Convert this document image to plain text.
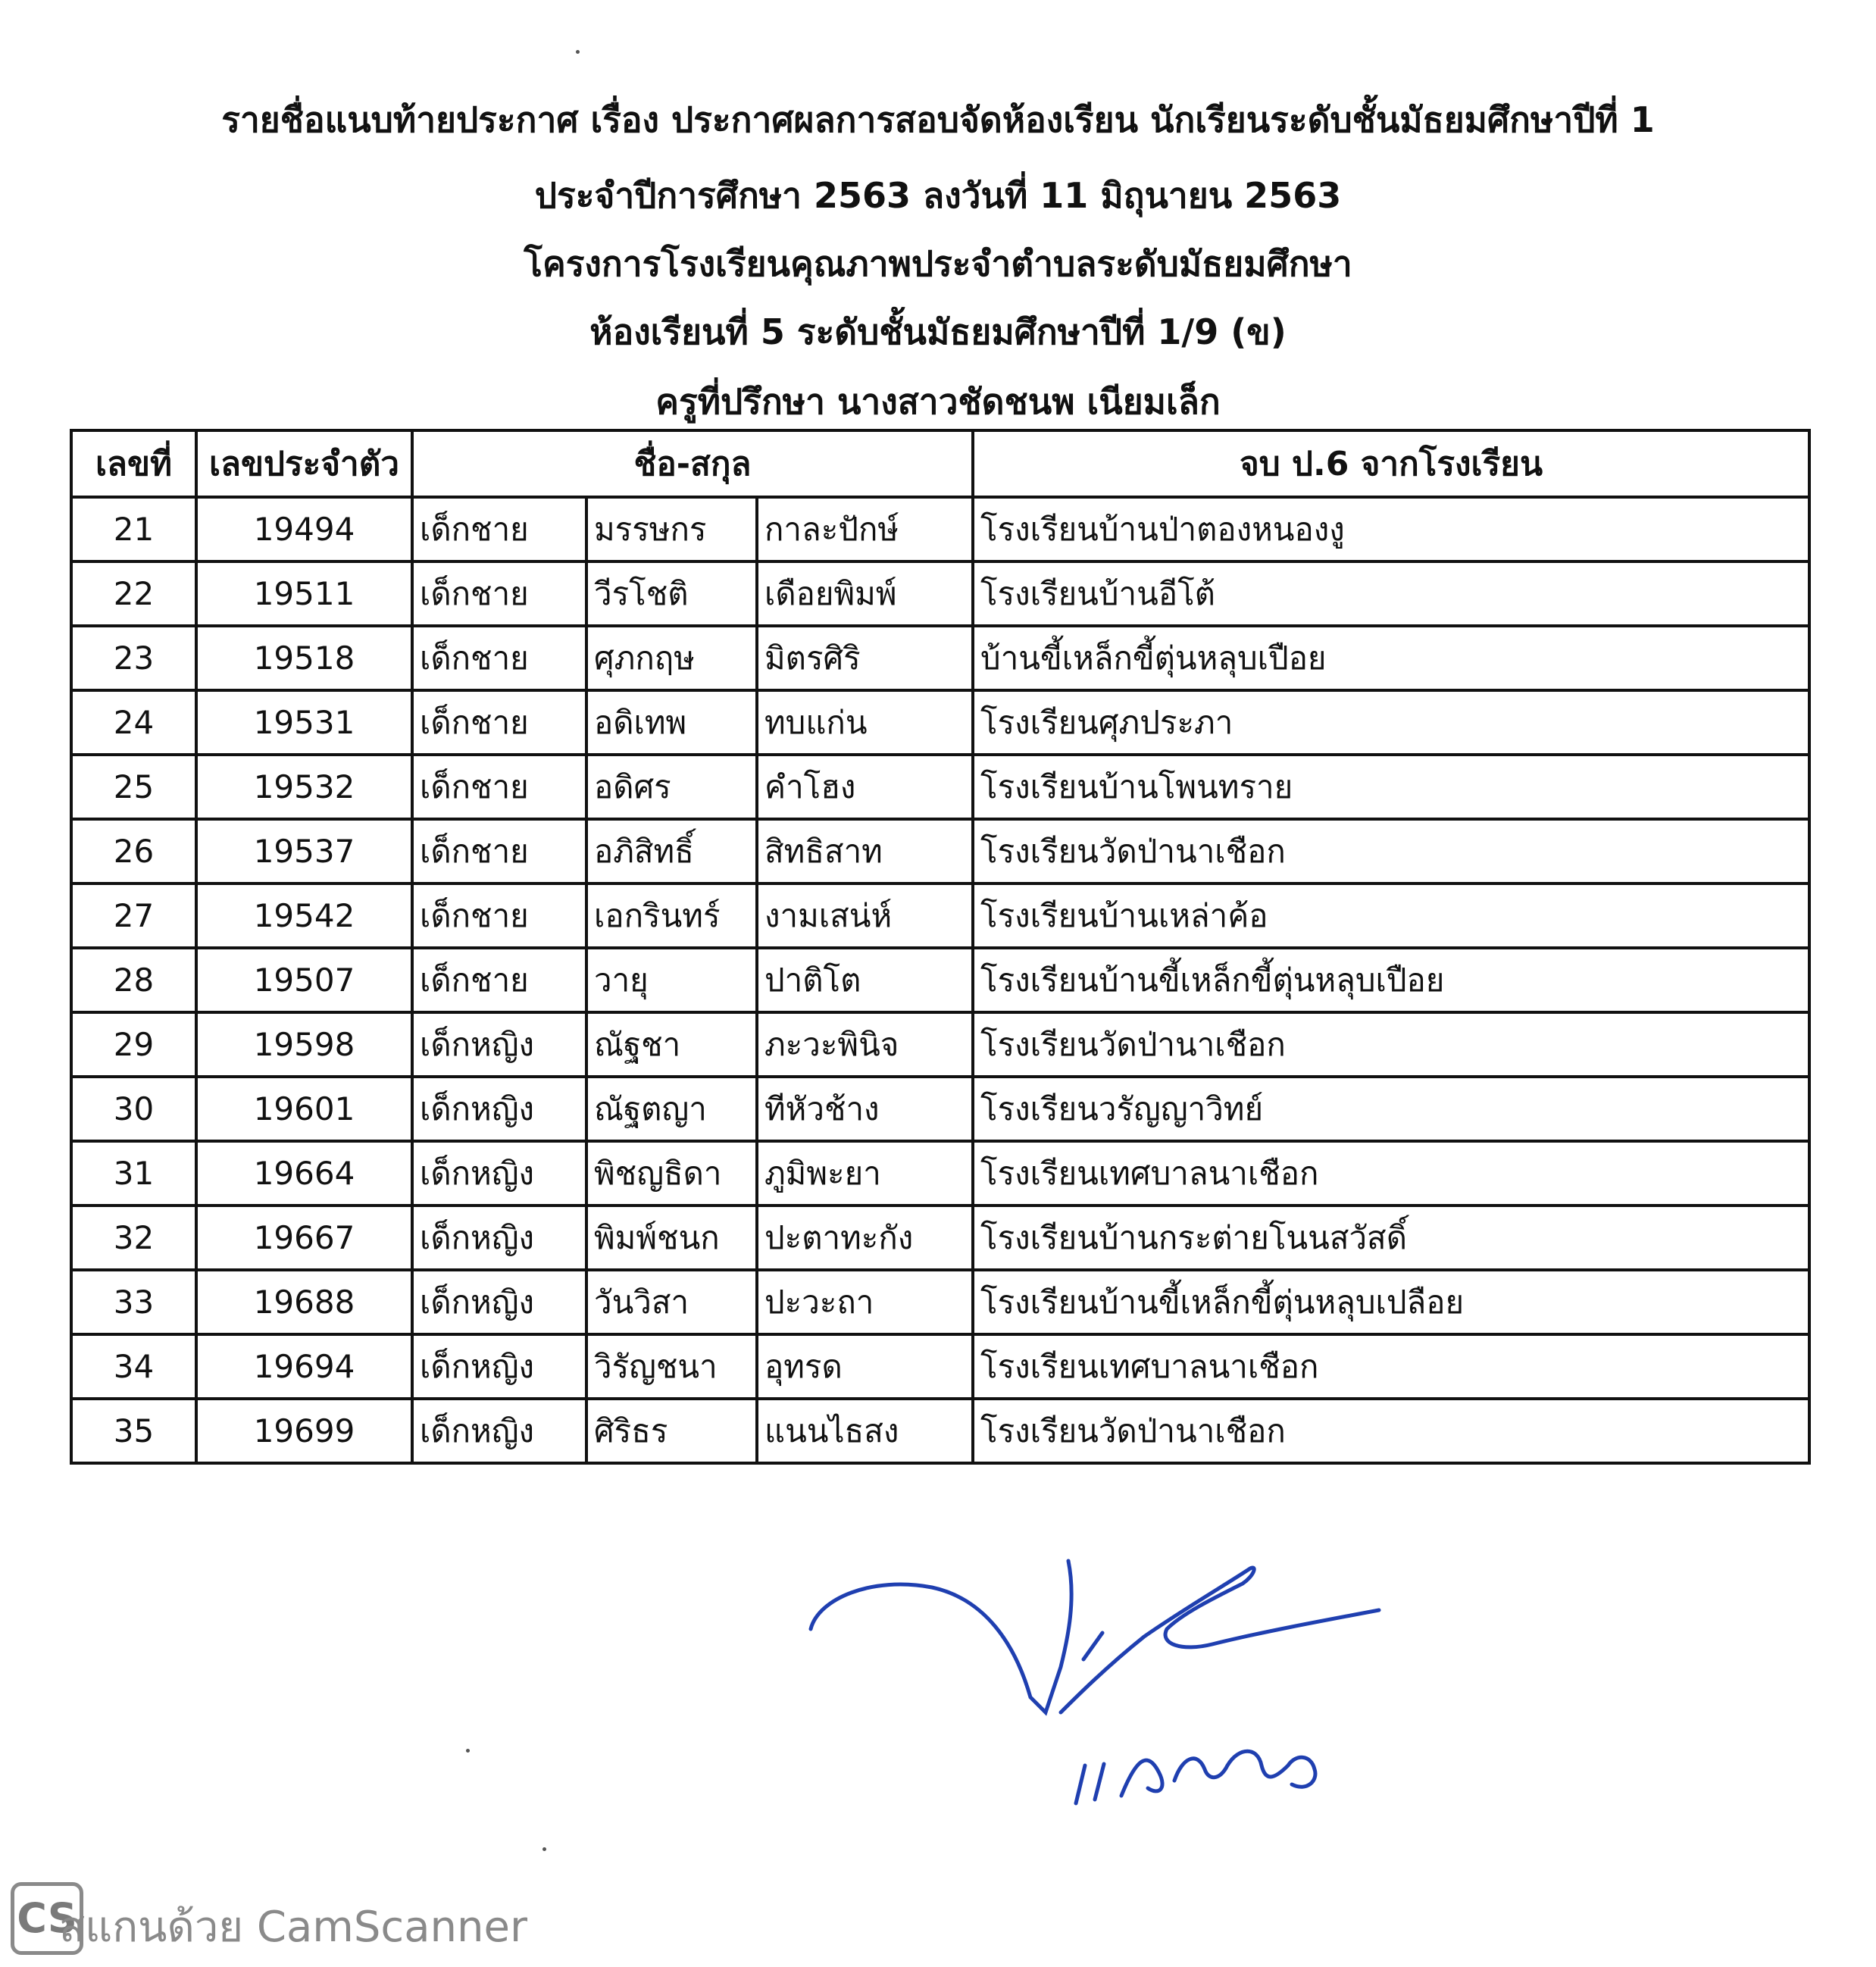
รายชื่อแนบท้ายประกาศ เรื่อง ประกาศผลการสอบจัดห้องเรียน นักเรียนระดับชั้นมัธยมศึกษาปีที่ 1
ประจำปีการศึกษา 2563 ลงวันที่ 11 มิถุนายน 2563
โครงการโรงเรียนคุณภาพประจำตำบลระดับมัธยมศึกษา
ห้องเรียนที่ 5 ระดับชั้นมัธยมศึกษาปีที่ 1/9 (ข)
ครูที่ปรึกษา นางสาวชัดชนพ เนียมเล็ก
เลขที่	เลขประจำตัว	ชื่อ-สกุล			จบ ป.6 จากโรงเรียน
21	19494	เด็กชาย	มรรษกร	กาละปักษ์	โรงเรียนบ้านป่าตองหนองงู
22	19511	เด็กชาย	วีรโชติ	เดือยพิมพ์	โรงเรียนบ้านอีโต้
23	19518	เด็กชาย	ศุภกฤษ	มิตรศิริ	บ้านขี้เหล็กขี้ตุ่นหลุบเปือย
24	19531	เด็กชาย	อดิเทพ	ทบแก่น	โรงเรียนศุภประภา
25	19532	เด็กชาย	อดิศร	คำโฮง	โรงเรียนบ้านโพนทราย
26	19537	เด็กชาย	อภิสิทธิ์	สิทธิสาท	โรงเรียนวัดป่านาเชือก
27	19542	เด็กชาย	เอกรินทร์	งามเสน่ห์	โรงเรียนบ้านเหล่าค้อ
28	19507	เด็กชาย	วายุ	ปาติโต	โรงเรียนบ้านขี้เหล็กขี้ตุ่นหลุบเปือย
29	19598	เด็กหญิง	ณัฐชา	ภะวะพินิจ	โรงเรียนวัดป่านาเชือก
30	19601	เด็กหญิง	ณัฐตญา	ทีหัวช้าง	โรงเรียนวรัญญาวิทย์
31	19664	เด็กหญิง	พิชญธิดา	ภูมิพะยา	โรงเรียนเทศบาลนาเชือก
32	19667	เด็กหญิง	พิมพ์ชนก	ปะตาทะกัง	โรงเรียนบ้านกระต่ายโนนสวัสดิ์
33	19688	เด็กหญิง	วันวิสา	ปะวะถา	โรงเรียนบ้านขี้เหล็กขี้ตุ่นหลุบเปลือย
34	19694	เด็กหญิง	วิรัญชนา	อุทรด	โรงเรียนเทศบาลนาเชือก
35	19699	เด็กหญิง	ศิริธร	แนนไธสง	โรงเรียนวัดป่านาเชือก
CS
สแกนด้วย CamScanner
